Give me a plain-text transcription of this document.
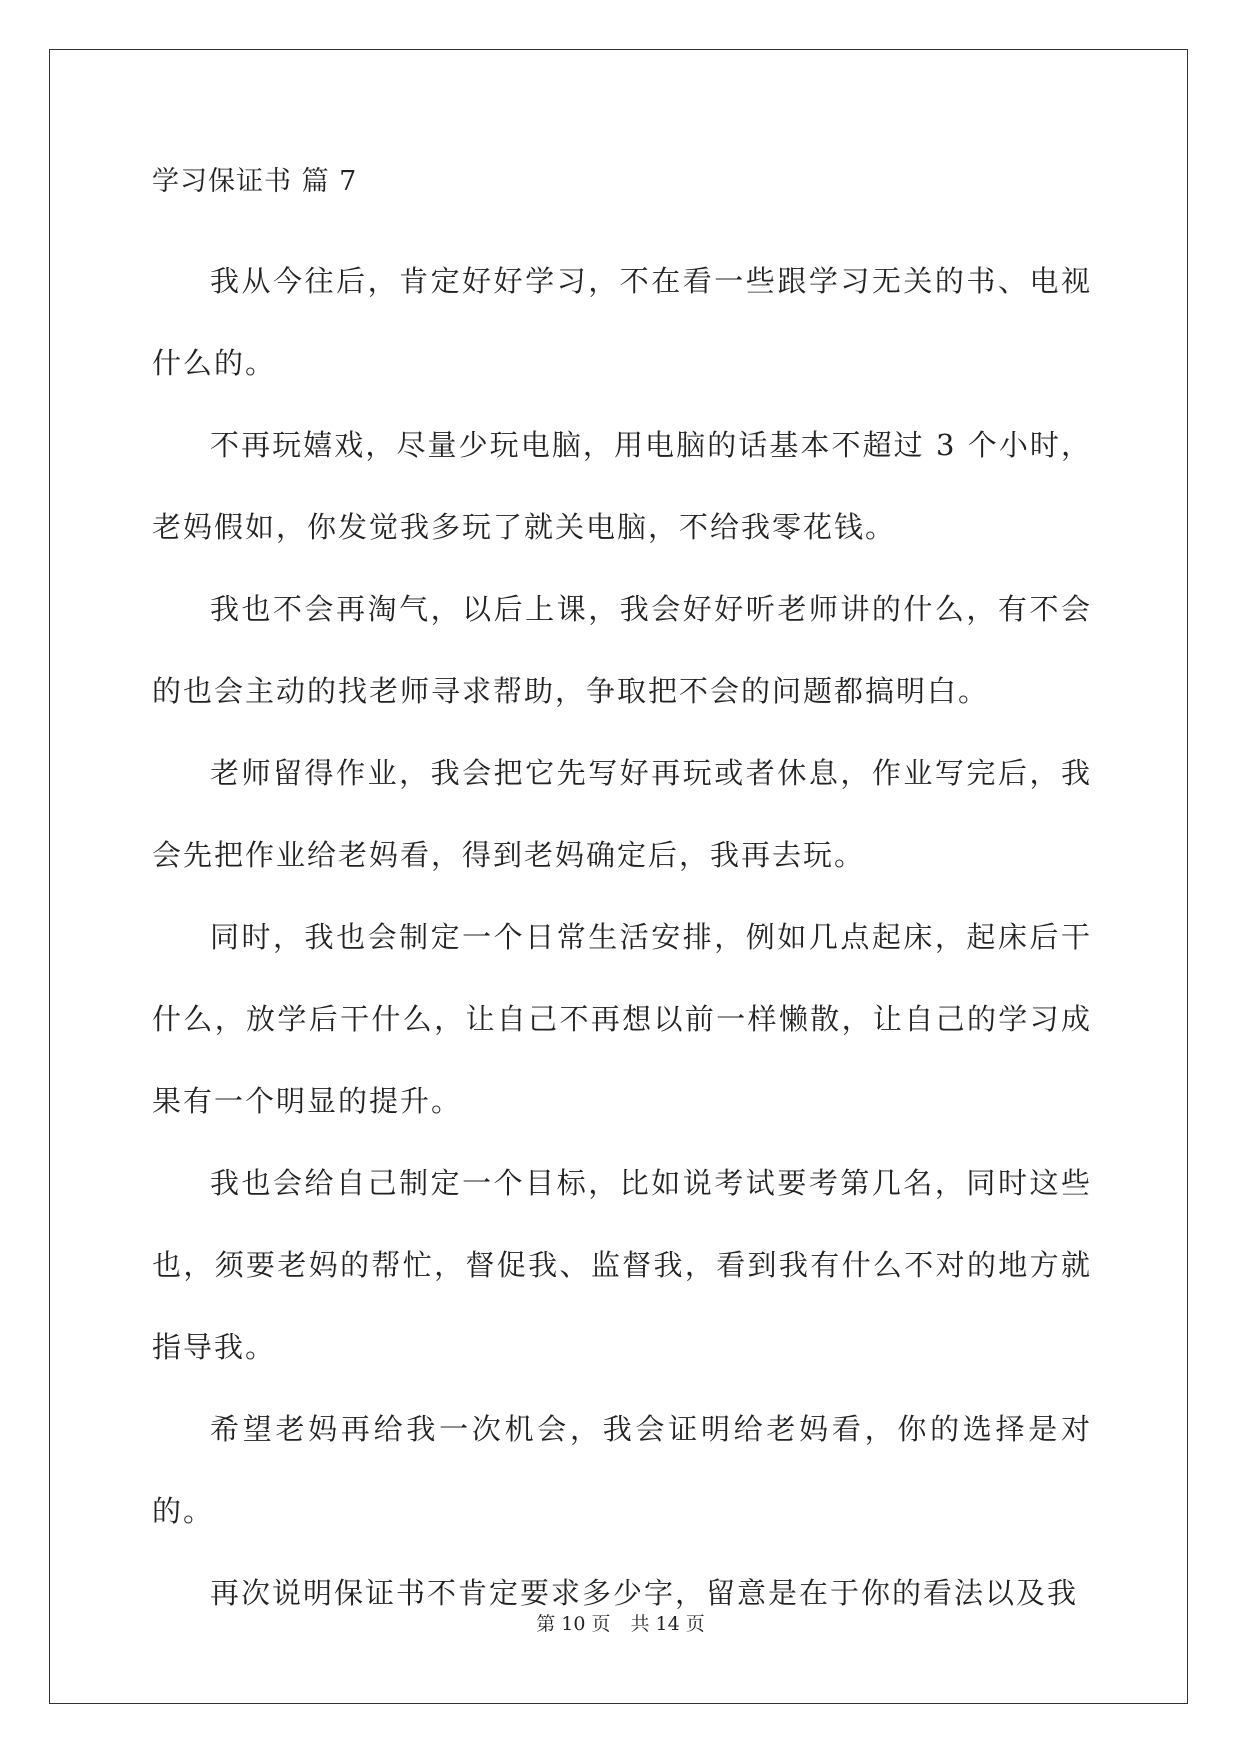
学习保证书 篇 7

我从今往后，肯定好好学习，不在看一些跟学习无关的书、电视什么的。

不再玩嬉戏，尽量少玩电脑，用电脑的话基本不超过 3 个小时，老妈假如，你发觉我多玩了就关电脑，不给我零花钱。

我也不会再淘气，以后上课，我会好好听老师讲的什么，有不会的也会主动的找老师寻求帮助，争取把不会的问题都搞明白。

老师留得作业，我会把它先写好再玩或者休息，作业写完后，我会先把作业给老妈看，得到老妈确定后，我再去玩。

同时，我也会制定一个日常生活安排，例如几点起床，起床后干什么，放学后干什么，让自己不再想以前一样懒散，让自己的学习成果有一个明显的提升。

我也会给自己制定一个目标，比如说考试要考第几名，同时这些也，须要老妈的帮忙，督促我、监督我，看到我有什么不对的地方就指导我。

希望老妈再给我一次机会，我会证明给老妈看，你的选择是对的。

再次说明保证书不肯定要求多少字，留意是在于你的看法以及我

第 10 页 共 14 页
